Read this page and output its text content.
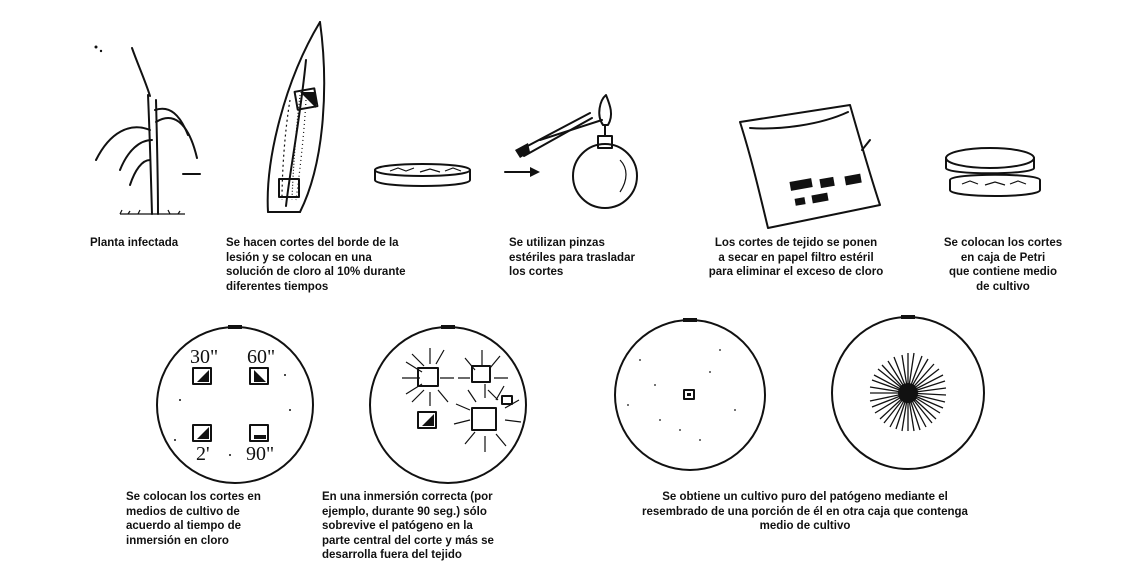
30" 60"
2' 90"
Planta infectada	Se hacen cortes del borde de la
lesión y se colocan en una
solución de cloro al 10% durante
diferentes tiempos
Se utilizan pinzas
estériles para trasladar
los cortes
Los cortes de tejido se ponen
a secar en papel filtro estéril
para eliminar el exceso de cloro
Se colocan los cortes
en caja de Petri
que contiene medio
de cultivo
Se colocan los cortes en
medios de cultivo de
acuerdo al tiempo de
inmersión en cloro
En una inmersión correcta (por
ejemplo, durante 90 seg.) sólo
sobrevive el patógeno en la
parte central del corte y más se
desarrolla fuera del tejido
Se obtiene un cultivo puro del patógeno mediante el
resembrado de una porción de él en otra caja que contenga
medio de cultivo
